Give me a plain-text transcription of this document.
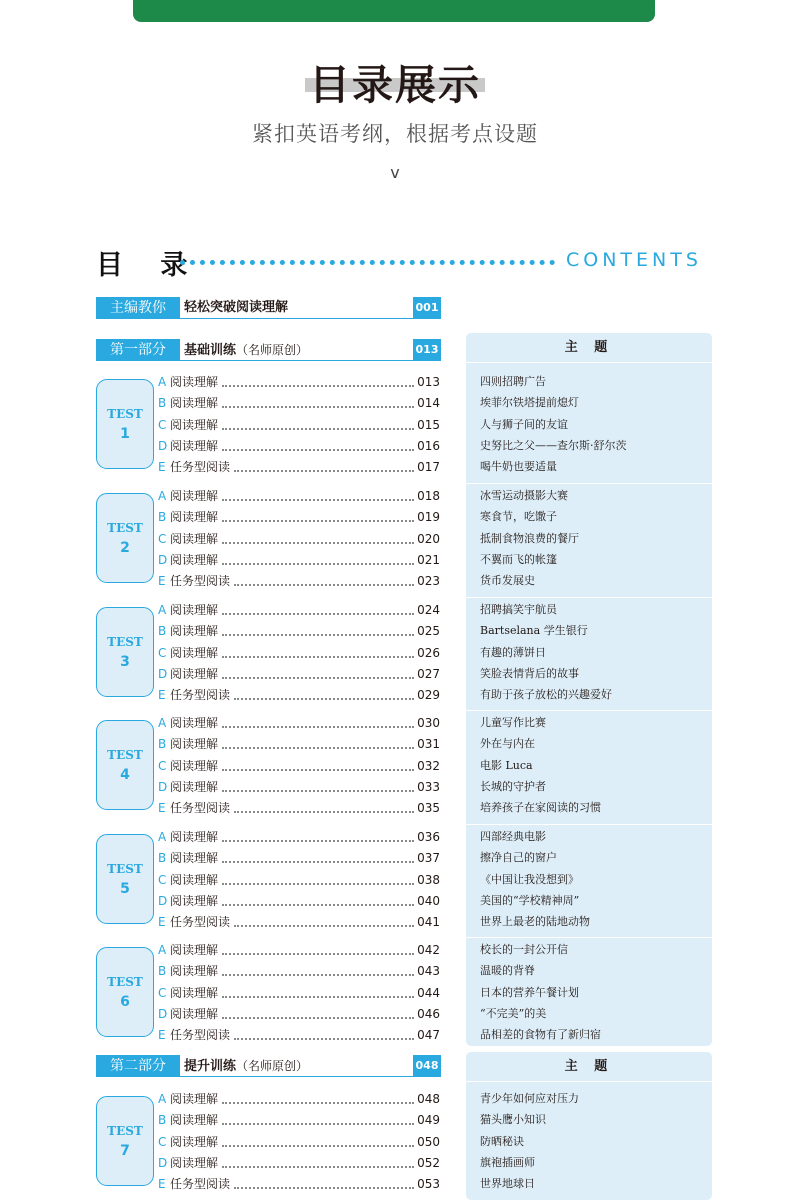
目录展示
紧扣英语考纲，根据考点设题
v
目 录	CONTENTS
主编教你	轻松突破阅读理解	001
第一部分	基础训练（名师原创）	013
第二部分	提升训练（名师原创）	048
主 题
主 题
TEST
1
A 阅读理解	013	四则招聘广告
B 阅读理解	014	埃菲尔铁塔提前熄灯
C 阅读理解	015	人与狮子间的友谊
D 阅读理解	016	史努比之父——查尔斯·舒尔茨
E 任务型阅读	017	喝牛奶也要适量
TEST
2
A 阅读理解	018	冰雪运动摄影大赛
B 阅读理解	019	寒食节，吃馓子
C 阅读理解	020	抵制食物浪费的餐厅
D 阅读理解	021	不翼而飞的帐篷
E 任务型阅读	023	货币发展史
TEST
3
A 阅读理解	024	招聘搞笑宇航员
B 阅读理解	025	Bartselana 学生银行
C 阅读理解	026	有趣的薄饼日
D 阅读理解	027	笑脸表情背后的故事
E 任务型阅读	029	有助于孩子放松的兴趣爱好
TEST
4
A 阅读理解	030	儿童写作比赛
B 阅读理解	031	外在与内在
C 阅读理解	032	电影 Luca
D 阅读理解	033	长城的守护者
E 任务型阅读	035	培养孩子在家阅读的习惯
TEST
5
A 阅读理解	036	四部经典电影
B 阅读理解	037	擦净自己的窗户
C 阅读理解	038	《中国让我没想到》
D 阅读理解	040	美国的“学校精神周”
E 任务型阅读	041	世界上最老的陆地动物
TEST
6
A 阅读理解	042	校长的一封公开信
B 阅读理解	043	温暖的背脊
C 阅读理解	044	日本的营养午餐计划
D 阅读理解	046	“不完美”的美
E 任务型阅读	047	品相差的食物有了新归宿
TEST
7
A 阅读理解	048	青少年如何应对压力
B 阅读理解	049	猫头鹰小知识
C 阅读理解	050	防晒秘诀
D 阅读理解	052	旗袍插画师
E 任务型阅读	053	世界地球日
